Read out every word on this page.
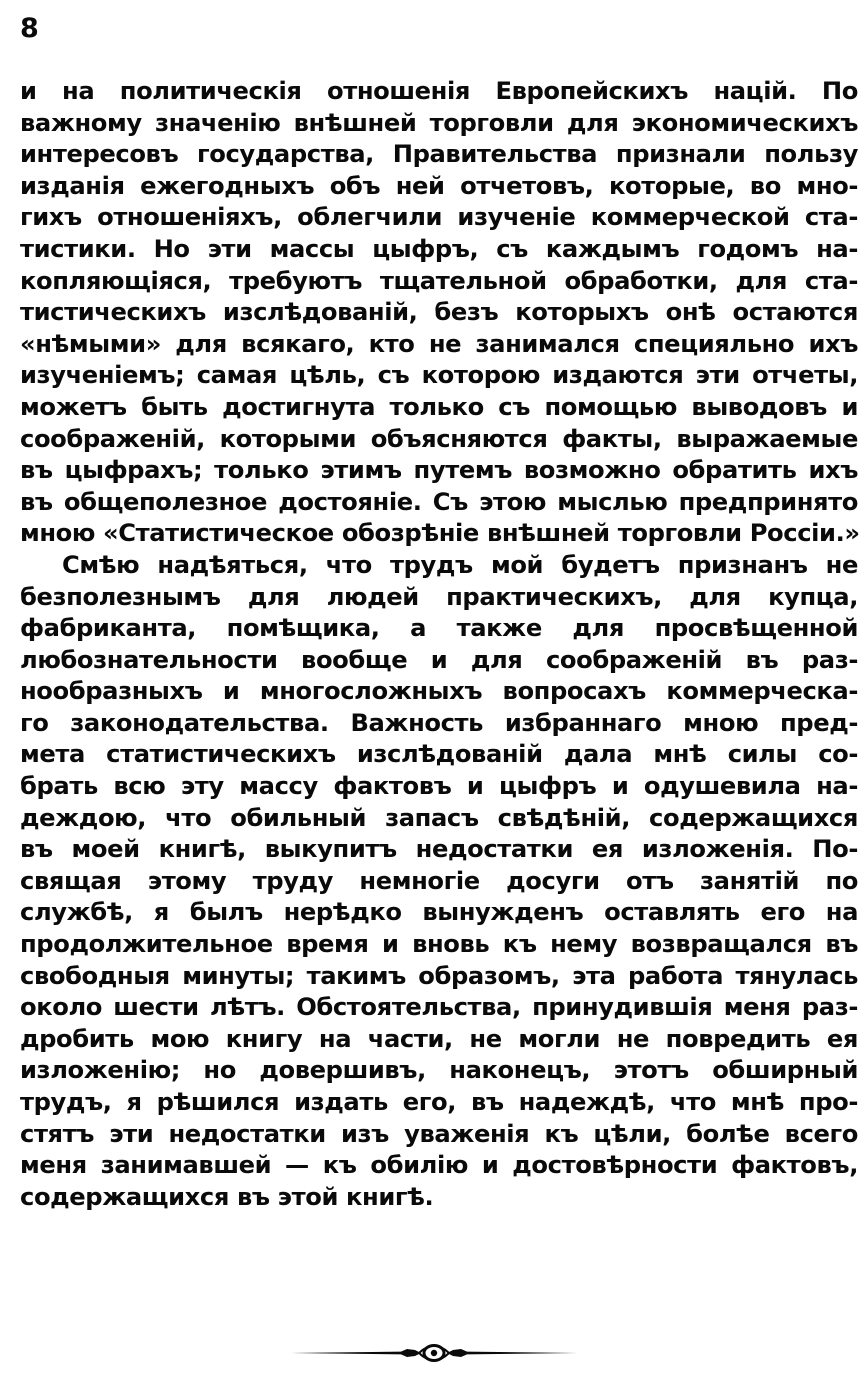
8
и на политическія отношенія Европейскихъ націй. По
важному значенію внѣшней торговли для экономическихъ
интересовъ государства, Правительства признали пользу
изданія ежегодныхъ объ ней отчетовъ, которые, во мно-
гихъ отношеніяхъ, облегчили изученіе коммерческой ста-
тистики. Но эти массы цыфръ, съ каждымъ годомъ на-
копляющіяся, требуютъ тщательной обработки, для ста-
тистическихъ изслѣдованій, безъ которыхъ онѣ остаются
«нѣмыми» для всякаго, кто не занимался специяльно ихъ
изученіемъ; самая цѣль, съ которою издаются эти отчеты,
можетъ быть достигнута только съ помощью выводовъ и
соображеній, которыми объясняются факты, выражаемые
въ цыфрахъ; только этимъ путемъ возможно обратить ихъ
въ общеполезное достояніе. Съ этою мыслью предпринято
мною «Статистическое обозрѣніе внѣшней торговли Россіи.»
Смѣю надѣяться, что трудъ мой будетъ признанъ не
безполезнымъ для людей практическихъ, для купца,
фабриканта, помѣщика, а также для просвѣщенной
любознательности вообще и для соображеній въ раз-
нообразныхъ и многосложныхъ вопросахъ коммерческа-
го законодательства. Важность избраннаго мною пред-
мета статистическихъ изслѣдованій дала мнѣ силы со-
брать всю эту массу фактовъ и цыфръ и одушевила на-
деждою, что обильный запасъ свѣдѣній, содержащихся
въ моей книгѣ, выкупитъ недостатки ея изложенія. По-
свящая этому труду немногіе досуги отъ занятій по
службѣ, я былъ нерѣдко вынужденъ оставлять его на
продолжительное время и вновь къ нему возвращался въ
свободныя минуты; такимъ образомъ, эта работа тянулась
около шести лѣтъ. Обстоятельства, принудившія меня раз-
дробить мою книгу на части, не могли не повредить ея
изложенію; но довершивъ, наконецъ, этотъ обширный
трудъ, я рѣшился издать его, въ надеждѣ, что мнѣ про-
стятъ эти недостатки изъ уваженія къ цѣли, болѣе всего
меня занимавшей — къ обилію и достовѣрности фактовъ,
содержащихся въ этой книгѣ.
